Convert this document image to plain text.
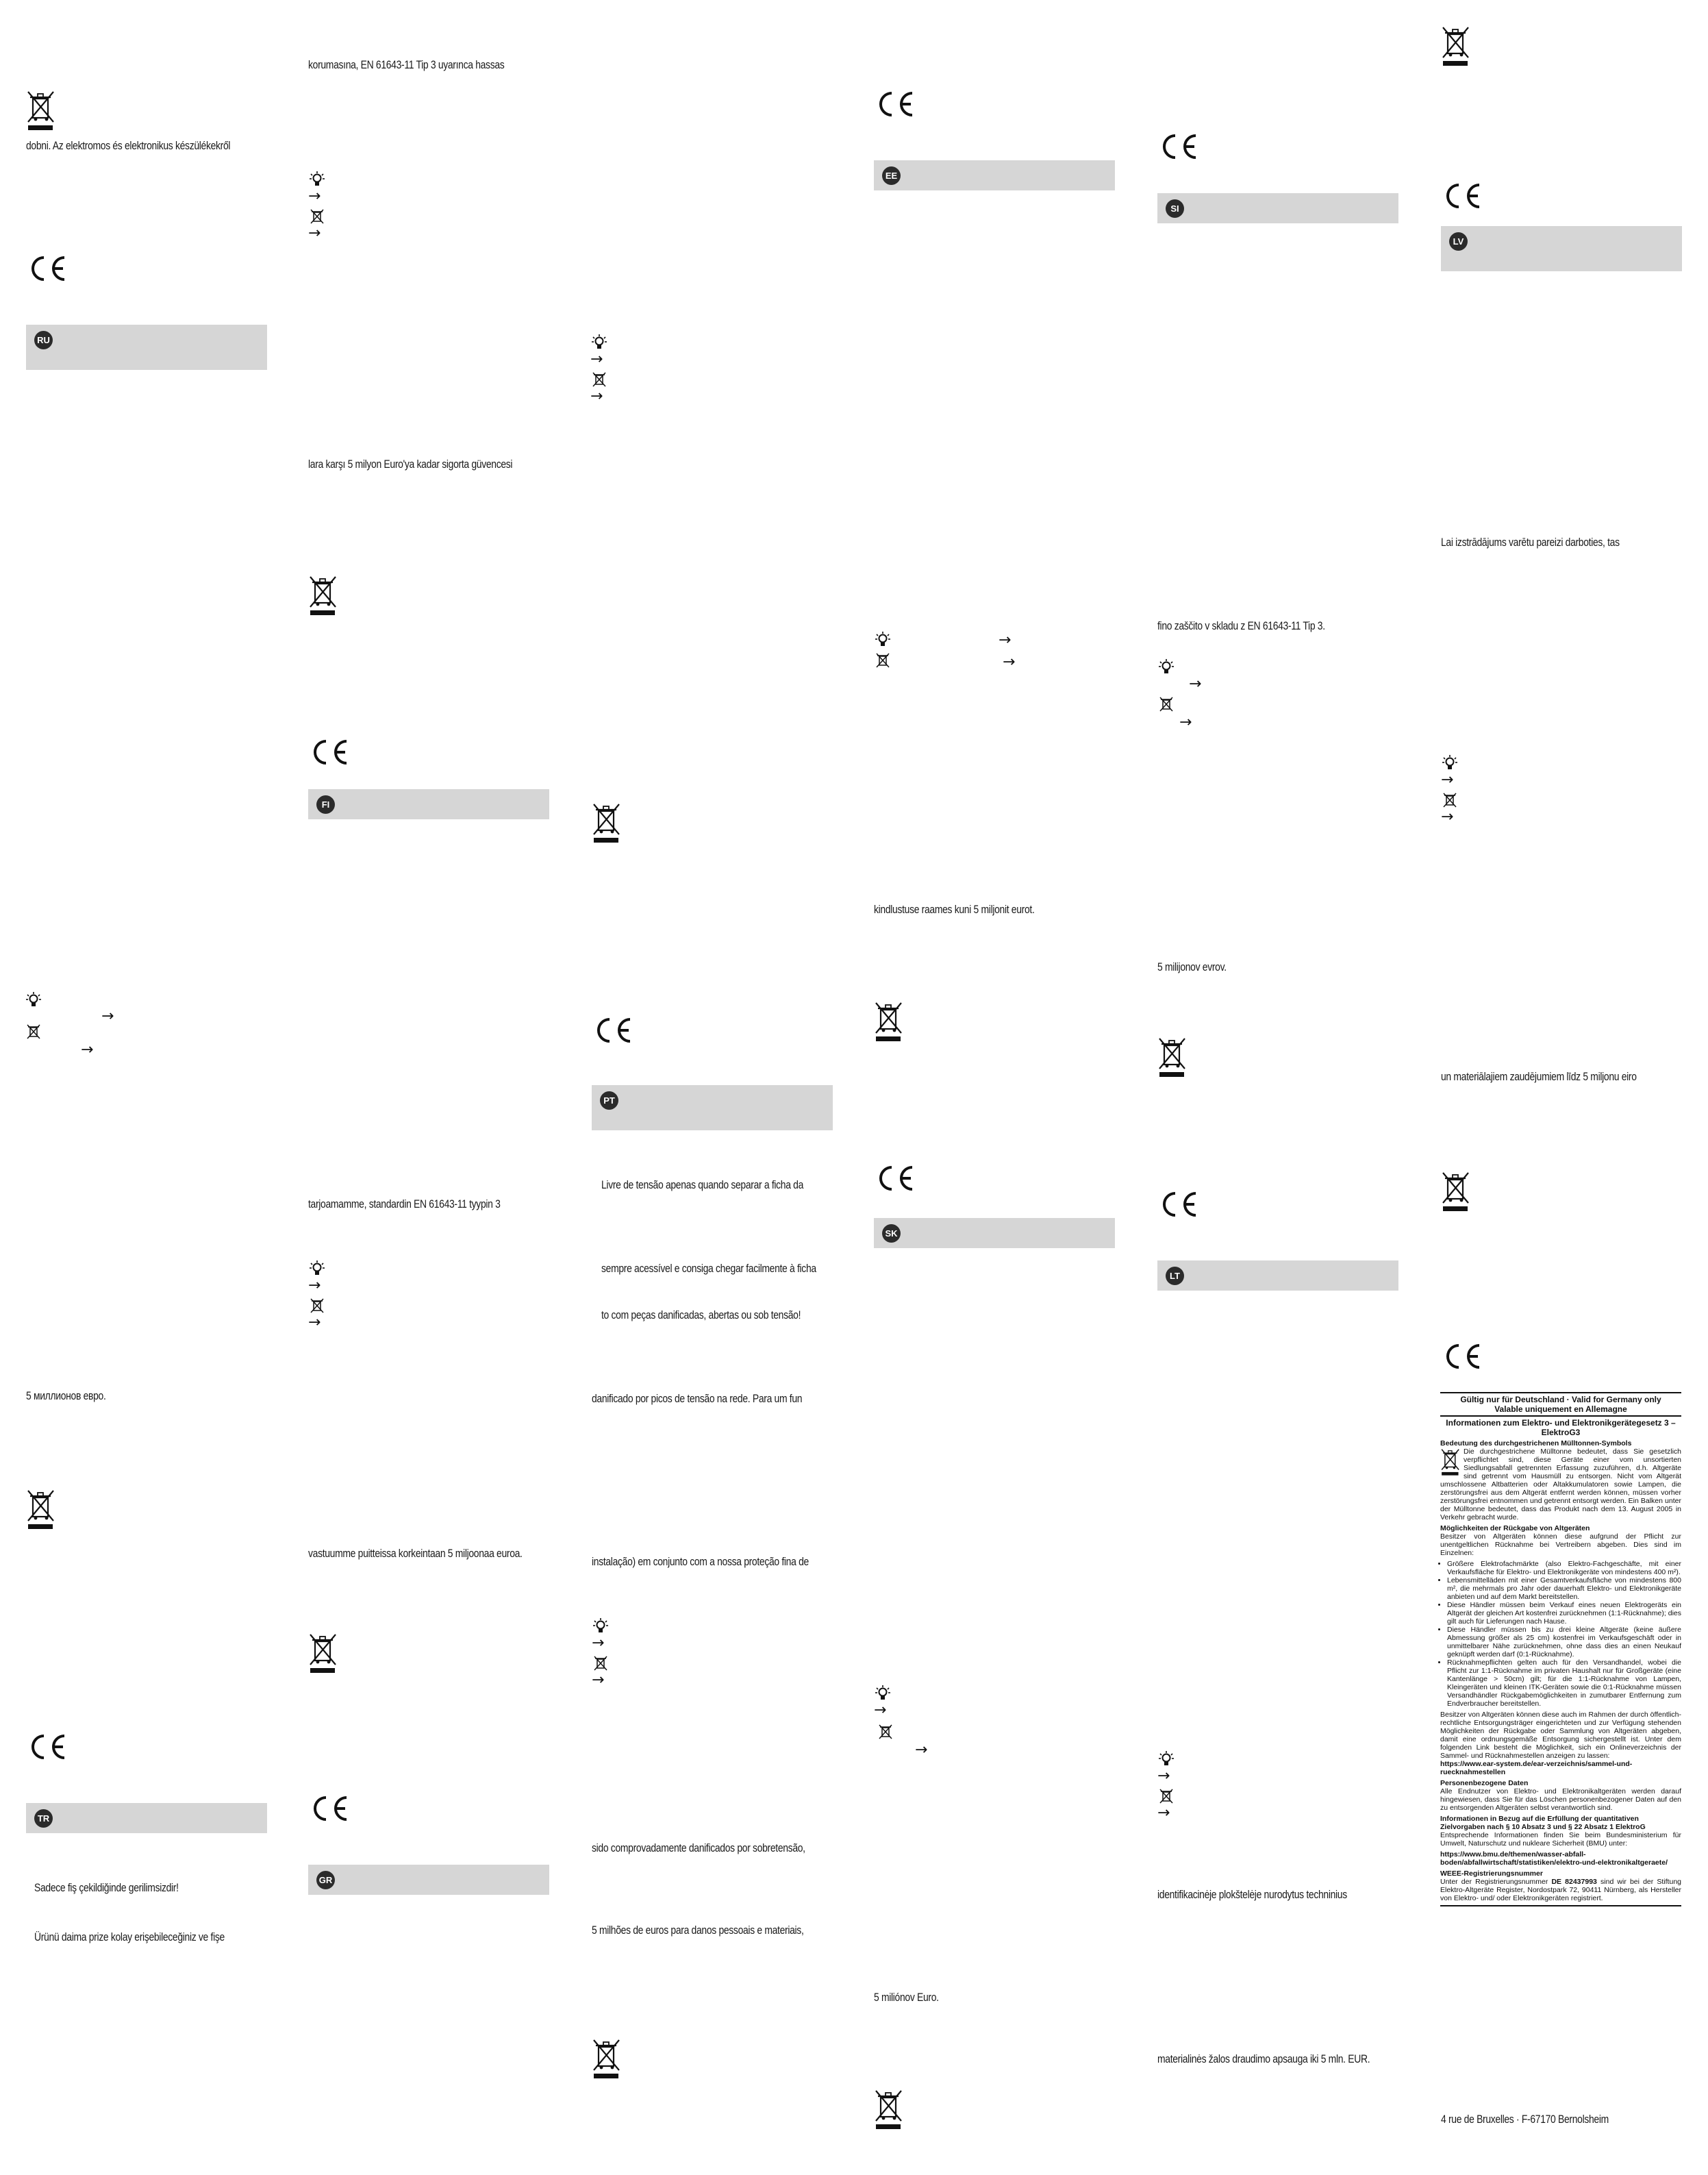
dobni. Az elektromos és elektronikus készülékekről
RU
→
→
5 миллионов евро.
TR
Sadece fiş çekildiğinde gerilimsizdir!
Ürünü daima prize kolay erişebileceğiniz ve fişe
korumasına, EN 61643-11 Tip 3 uyarınca hassas
→
→
lara karşı 5 milyon Euro'ya kadar sigorta güvencesi
FI
tarjoamamme, standardin EN 61643-11 tyypin 3
→
→
vastuumme puitteissa korkeintaan 5 miljoonaa euroa.
GR
→
→
PT
Livre de tensão apenas quando separar a ficha da
sempre acessível e consiga chegar facilmente à ficha
to com peças danificadas, abertas ou sob tensão!
danificado por picos de tensão na rede. Para um fun
instalação) em conjunto com a nossa proteção fina de
→
→
sido comprovadamente danificados por sobretensão,
5 milhões de euros para danos pessoais e materiais,
EE
→
→
kindlustuse raames kuni 5 miljonit eurot.
SK
→
→
5 miliónov Euro.
SI
fino zaščito v skladu z EN 61643-11 Tip 3.
→
→
5 milijonov evrov.
LT
→
→
identifikacinėje plokštelėje nurodytus techninius
materialinės žalos draudimo apsauga iki 5 mln. EUR.
LV
Lai izstrādājums varētu pareizi darboties, tas
→
→
un materiālajiem zaudējumiem līdz 5 miljonu eiro
Gültig nur für Deutschland · Valid for Germany only
Valable uniquement en Allemagne
Informationen zum Elektro- und Elektronikgerätegesetz 3 –ElektroG3
Bedeutung des durchgestrichenen Mülltonnen-Symbols

Die durchgestrichene Mülltonne bedeutet, dass Sie gesetzlich verpflichtet sind, diese Geräte einer vom unsortierten Siedlungsabfall getrennten Erfassung zuzuführen, d.h. Altgeräte sind getrennt vom Hausmüll zu entsorgen. Nicht vom Altgerät umschlossene Altbatterien oder Altakkumulatoren sowie Lampen, die zerstörungsfrei aus dem Altgerät entfernt werden können, müssen vorher zerstörungsfrei entnommen und getrennt entsorgt werden. Ein Balken unter der Mülltonne bedeutet, dass das Produkt nach dem 13. August 2005 in Verkehr gebracht wurde.

Möglichkeiten der Rückgabe von Altgeräten

Besitzer von Altgeräten können diese aufgrund der Pflicht zur unentgeltlichen Rücknahme bei Vertreibern abgeben. Dies sind im Einzelnen:

• Größere Elektrofachmärkte (also Elektro-Fachgeschäfte, mit einer Verkaufsfläche für Elektro- und Elektronikgeräte von mindestens 400 m²).
• Lebensmittelläden mit einer Gesamtverkaufsfläche von mindestens 800 m², die mehrmals pro Jahr oder dauerhaft Elektro- und Elektronikgeräte anbieten und auf dem Markt bereitstellen.
• Diese Händler müssen beim Verkauf eines neuen Elektrogeräts ein Altgerät der gleichen Art kostenfrei zurücknehmen (1:1-Rücknahme); dies gilt auch für Lieferungen nach Hause.
• Diese Händler müssen bis zu drei kleine Altgeräte (keine äußere Abmessung größer als 25 cm) kostenfrei im Verkaufsgeschäft oder in unmittelbarer Nähe zurücknehmen, ohne dass dies an einen Neukauf geknüpft werden darf (0:1-Rücknahme).
• Rücknahmepflichten gelten auch für den Versandhandel, wobei die Pflicht zur 1:1-Rücknahme im privaten Haushalt nur für Großgeräte (eine Kantenlänge > 50cm) gilt; für die 1:1-Rücknahme von Lampen, Kleingeräten und kleinen ITK-Geräten sowie die 0:1-Rücknahme müssen Versandhändler Rückgabemöglichkeiten in zumutbarer Entfernung zum Endverbraucher bereitstellen.

Besitzer von Altgeräten können diese auch im Rahmen der durch öffentlich-rechtliche Entsorgungsträger eingerichteten und zur Verfügung stehenden Möglichkeiten der Rückgabe oder Sammlung von Altgeräten abgeben, damit eine ordnungsgemäße Entsorgung sichergestellt ist. Unter dem folgenden Link besteht die Möglichkeit, sich ein Onlineverzeichnis der Sammel- und Rücknahmestellen anzeigen zu lassen:

https://www.ear-system.de/ear-verzeichnis/sammel-und-ruecknahmestellen

Personenbezogene Daten

Alle Endnutzer von Elektro- und Elektronikaltgeräten werden darauf hingewiesen, dass Sie für das Löschen personenbezogener Daten auf den zu entsorgenden Altgeräten selbst verantwortlich sind.

Informationen in Bezug auf die Erfüllung der quantitativen Zielvorgaben nach § 10 Absatz 3 und § 22 Absatz 1 ElektroG

Entsprechende Informationen finden Sie beim Bundesministerium für Umwelt, Naturschutz und nukleare Sicherheit (BMU) unter:

https://www.bmu.de/themen/wasser-abfall-boden/abfallwirtschaft/statistiken/elektro-und-elektronikaltgeraete/

WEEE-Registrierungsnummer

Unter der Registrierungsnummer DE 82437993 sind wir bei der Stiftung Elektro-Altgeräte Register, Nordostpark 72, 90411 Nürnberg, als Hersteller von Elektro- und/ oder Elektronikgeräten registriert.

4 rue de Bruxelles · F-67170 Bernolsheim
